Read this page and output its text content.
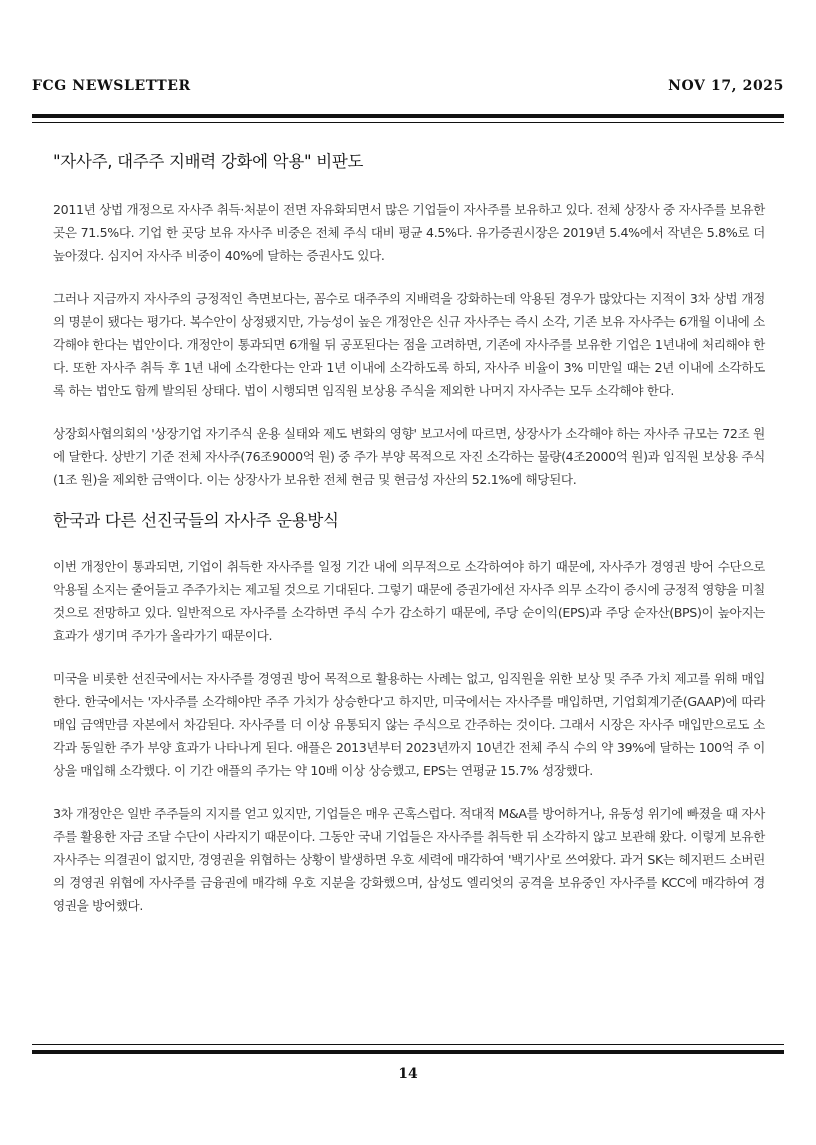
FCG NEWSLETTER	NOV 17, 2025
"자사주, 대주주 지배력 강화에 악용" 비판도

2011년 상법 개정으로 자사주 취득·처분이 전면 자유화되면서 많은 기업들이 자사주를 보유하고 있다. 전체 상장사 중 자사주를 보유한 곳은 71.5%다. 기업 한 곳당 보유 자사주 비중은 전체 주식 대비 평균 4.5%다. 유가증권시장은 2019년 5.4%에서 작년은 5.8%로 더 높아졌다. 심지어 자사주 비중이 40%에 달하는 증권사도 있다.

그러나 지금까지 자사주의 긍정적인 측면보다는, 꼼수로 대주주의 지배력을 강화하는데 악용된 경우가 많았다는 지적이 3차 상법 개정의 명분이 됐다는 평가다. 복수안이 상정됐지만, 가능성이 높은 개정안은 신규 자사주는 즉시 소각, 기존 보유 자사주는 6개월 이내에 소각해야 한다는 법안이다. 개정안이 통과되면 6개월 뒤 공포된다는 점을 고려하면, 기존에 자사주를 보유한 기업은 1년내에 처리해야 한다. 또한 자사주 취득 후 1년 내에 소각한다는 안과 1년 이내에 소각하도록 하되, 자사주 비율이 3% 미만일 때는 2년 이내에 소각하도록 하는 법안도 함께 발의된 상태다. 법이 시행되면 임직원 보상용 주식을 제외한 나머지 자사주는 모두 소각해야 한다.

상장회사협의회의 '상장기업 자기주식 운용 실태와 제도 변화의 영향' 보고서에 따르면, 상장사가 소각해야 하는 자사주 규모는 72조 원에 달한다. 상반기 기준 전체 자사주(76조9000억 원) 중 주가 부양 목적으로 자진 소각하는 물량(4조2000억 원)과 임직원 보상용 주식(1조 원)을 제외한 금액이다. 이는 상장사가 보유한 전체 현금 및 현금성 자산의 52.1%에 해당된다.

한국과 다른 선진국들의 자사주 운용방식

이번 개정안이 통과되면, 기업이 취득한 자사주를 일정 기간 내에 의무적으로 소각하여야 하기 때문에, 자사주가 경영권 방어 수단으로 악용될 소지는 줄어들고 주주가치는 제고될 것으로 기대된다. 그렇기 때문에 증권가에선 자사주 의무 소각이 증시에 긍정적 영향을 미칠 것으로 전망하고 있다. 일반적으로 자사주를 소각하면 주식 수가 감소하기 때문에, 주당 순이익(EPS)과 주당 순자산(BPS)이 높아지는 효과가 생기며 주가가 올라가기 때문이다.

미국을 비롯한 선진국에서는 자사주를 경영권 방어 목적으로 활용하는 사례는 없고, 임직원을 위한 보상 및 주주 가치 제고를 위해 매입한다. 한국에서는 '자사주를 소각해야만 주주 가치가 상승한다'고 하지만, 미국에서는 자사주를 매입하면, 기업회계기준(GAAP)에 따라 매입 금액만큼 자본에서 차감된다. 자사주를 더 이상 유통되지 않는 주식으로 간주하는 것이다. 그래서 시장은 자사주 매입만으로도 소각과 동일한 주가 부양 효과가 나타나게 된다. 애플은 2013년부터 2023년까지 10년간 전체 주식 수의 약 39%에 달하는 100억 주 이상을 매입해 소각했다. 이 기간 애플의 주가는 약 10배 이상 상승했고, EPS는 연평균 15.7% 성장했다.

3차 개정안은 일반 주주들의 지지를 얻고 있지만, 기업들은 매우 곤혹스럽다. 적대적 M&A를 방어하거나, 유동성 위기에 빠졌을 때 자사주를 활용한 자금 조달 수단이 사라지기 때문이다. 그동안 국내 기업들은 자사주를 취득한 뒤 소각하지 않고 보관해 왔다. 이렇게 보유한 자사주는 의결권이 없지만, 경영권을 위협하는 상황이 발생하면 우호 세력에 매각하여 '백기사'로 쓰여왔다. 과거 SK는 헤지펀드 소버린의 경영권 위협에 자사주를 금융권에 매각해 우호 지분을 강화했으며, 삼성도 엘리엇의 공격을 보유중인 자사주를 KCC에 매각하여 경영권을 방어했다.

14
